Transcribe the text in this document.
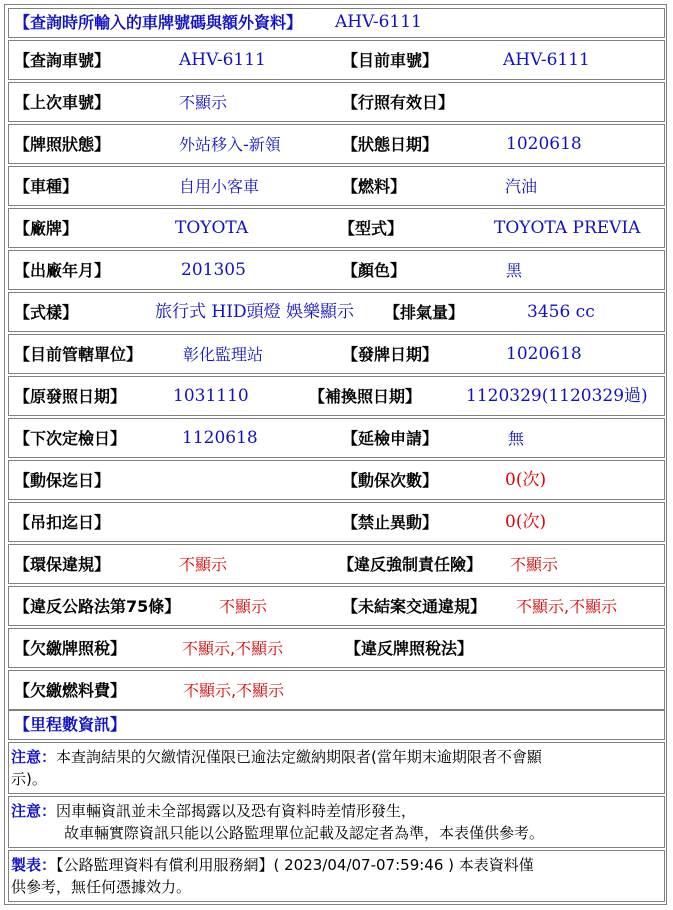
【查詢時所輸入的車牌號碼與額外資料】 AHV-6111
【查詢車號】	AHV-6111	【目前車號】	AHV-6111
【上次車號】	不顯示	【行照有效日】
【牌照狀態】	外站移入-新領	【狀態日期】	1020618
【車種】	自用小客車	【燃料】	汽油
【廠牌】	TOYOTA	【型式】	TOYOTA PREVIA
【出廠年月】	201305	【顏色】	黑
【式樣】	旅行式 HID頭燈 娛樂顯示 【排氣量】	3456 cc
【目前管轄單位】	彰化監理站	【發牌日期】	1020618
【原發照日期】	1031110	【補換照日期】	1120329(1120329過)
【下次定檢日】	1120618	【延檢申請】	無
【動保迄日】	【動保次數】	0(次)
【吊扣迄日】	【禁止異動】	0(次)
【環保違規】	不顯示	【違反強制責任險】 不顯示
【違反公路法第75條】 不顯示	【未結案交通違規】 不顯示,不顯示
【欠繳牌照稅】	不顯示,不顯示	【違反牌照稅法】
【欠繳燃料費】	不顯示,不顯示
【里程數資訊】
注意：本查詢結果的欠繳情況僅限已逾法定繳納期限者(當年期末逾期限者不會顯
示)。
注意：因車輛資訊並未全部揭露以及恐有資料時差情形發生，
故車輛實際資訊只能以公路監理單位記載及認定者為準，本表僅供參考。
製表：【公路監理資料有償利用服務網】( 2023/04/07-07:59:46 ) 本表資料僅
供參考，無任何憑據效力。
